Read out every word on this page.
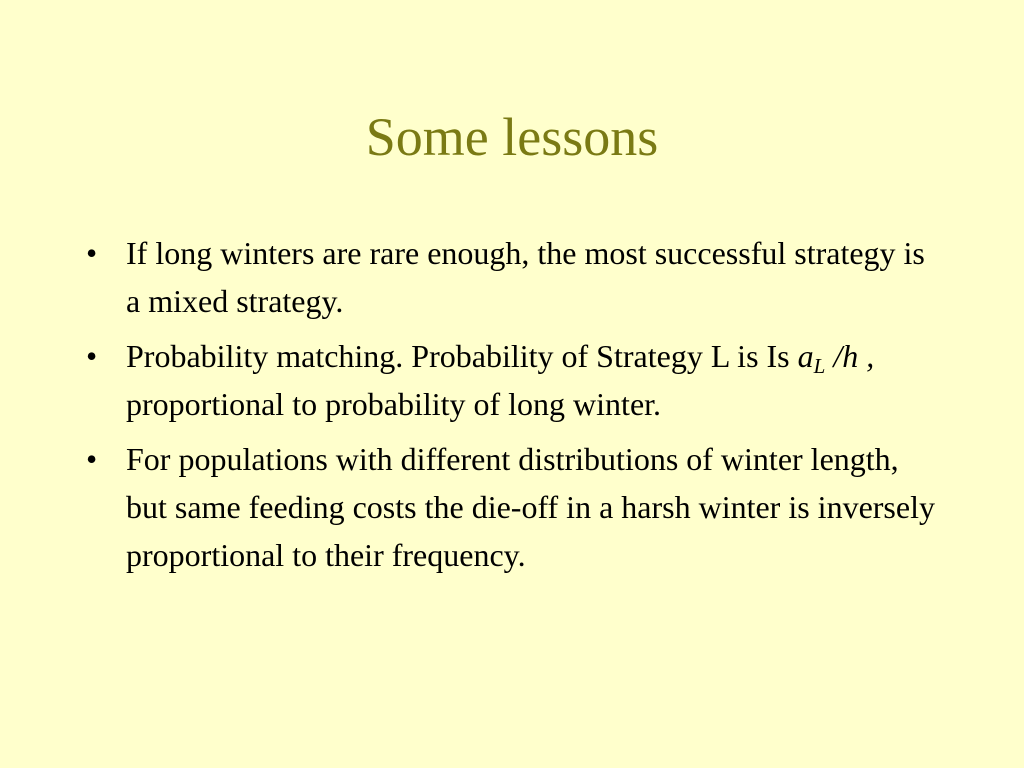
Some lessons
• If long winters are rare enough, the most successful strategy is a mixed strategy.
• Probability matching. Probability of Strategy L is Is aL /h , proportional to probability of long winter.
• For populations with different distributions of winter length, but same feeding costs the die-off in a harsh winter is inversely proportional to their frequency.
